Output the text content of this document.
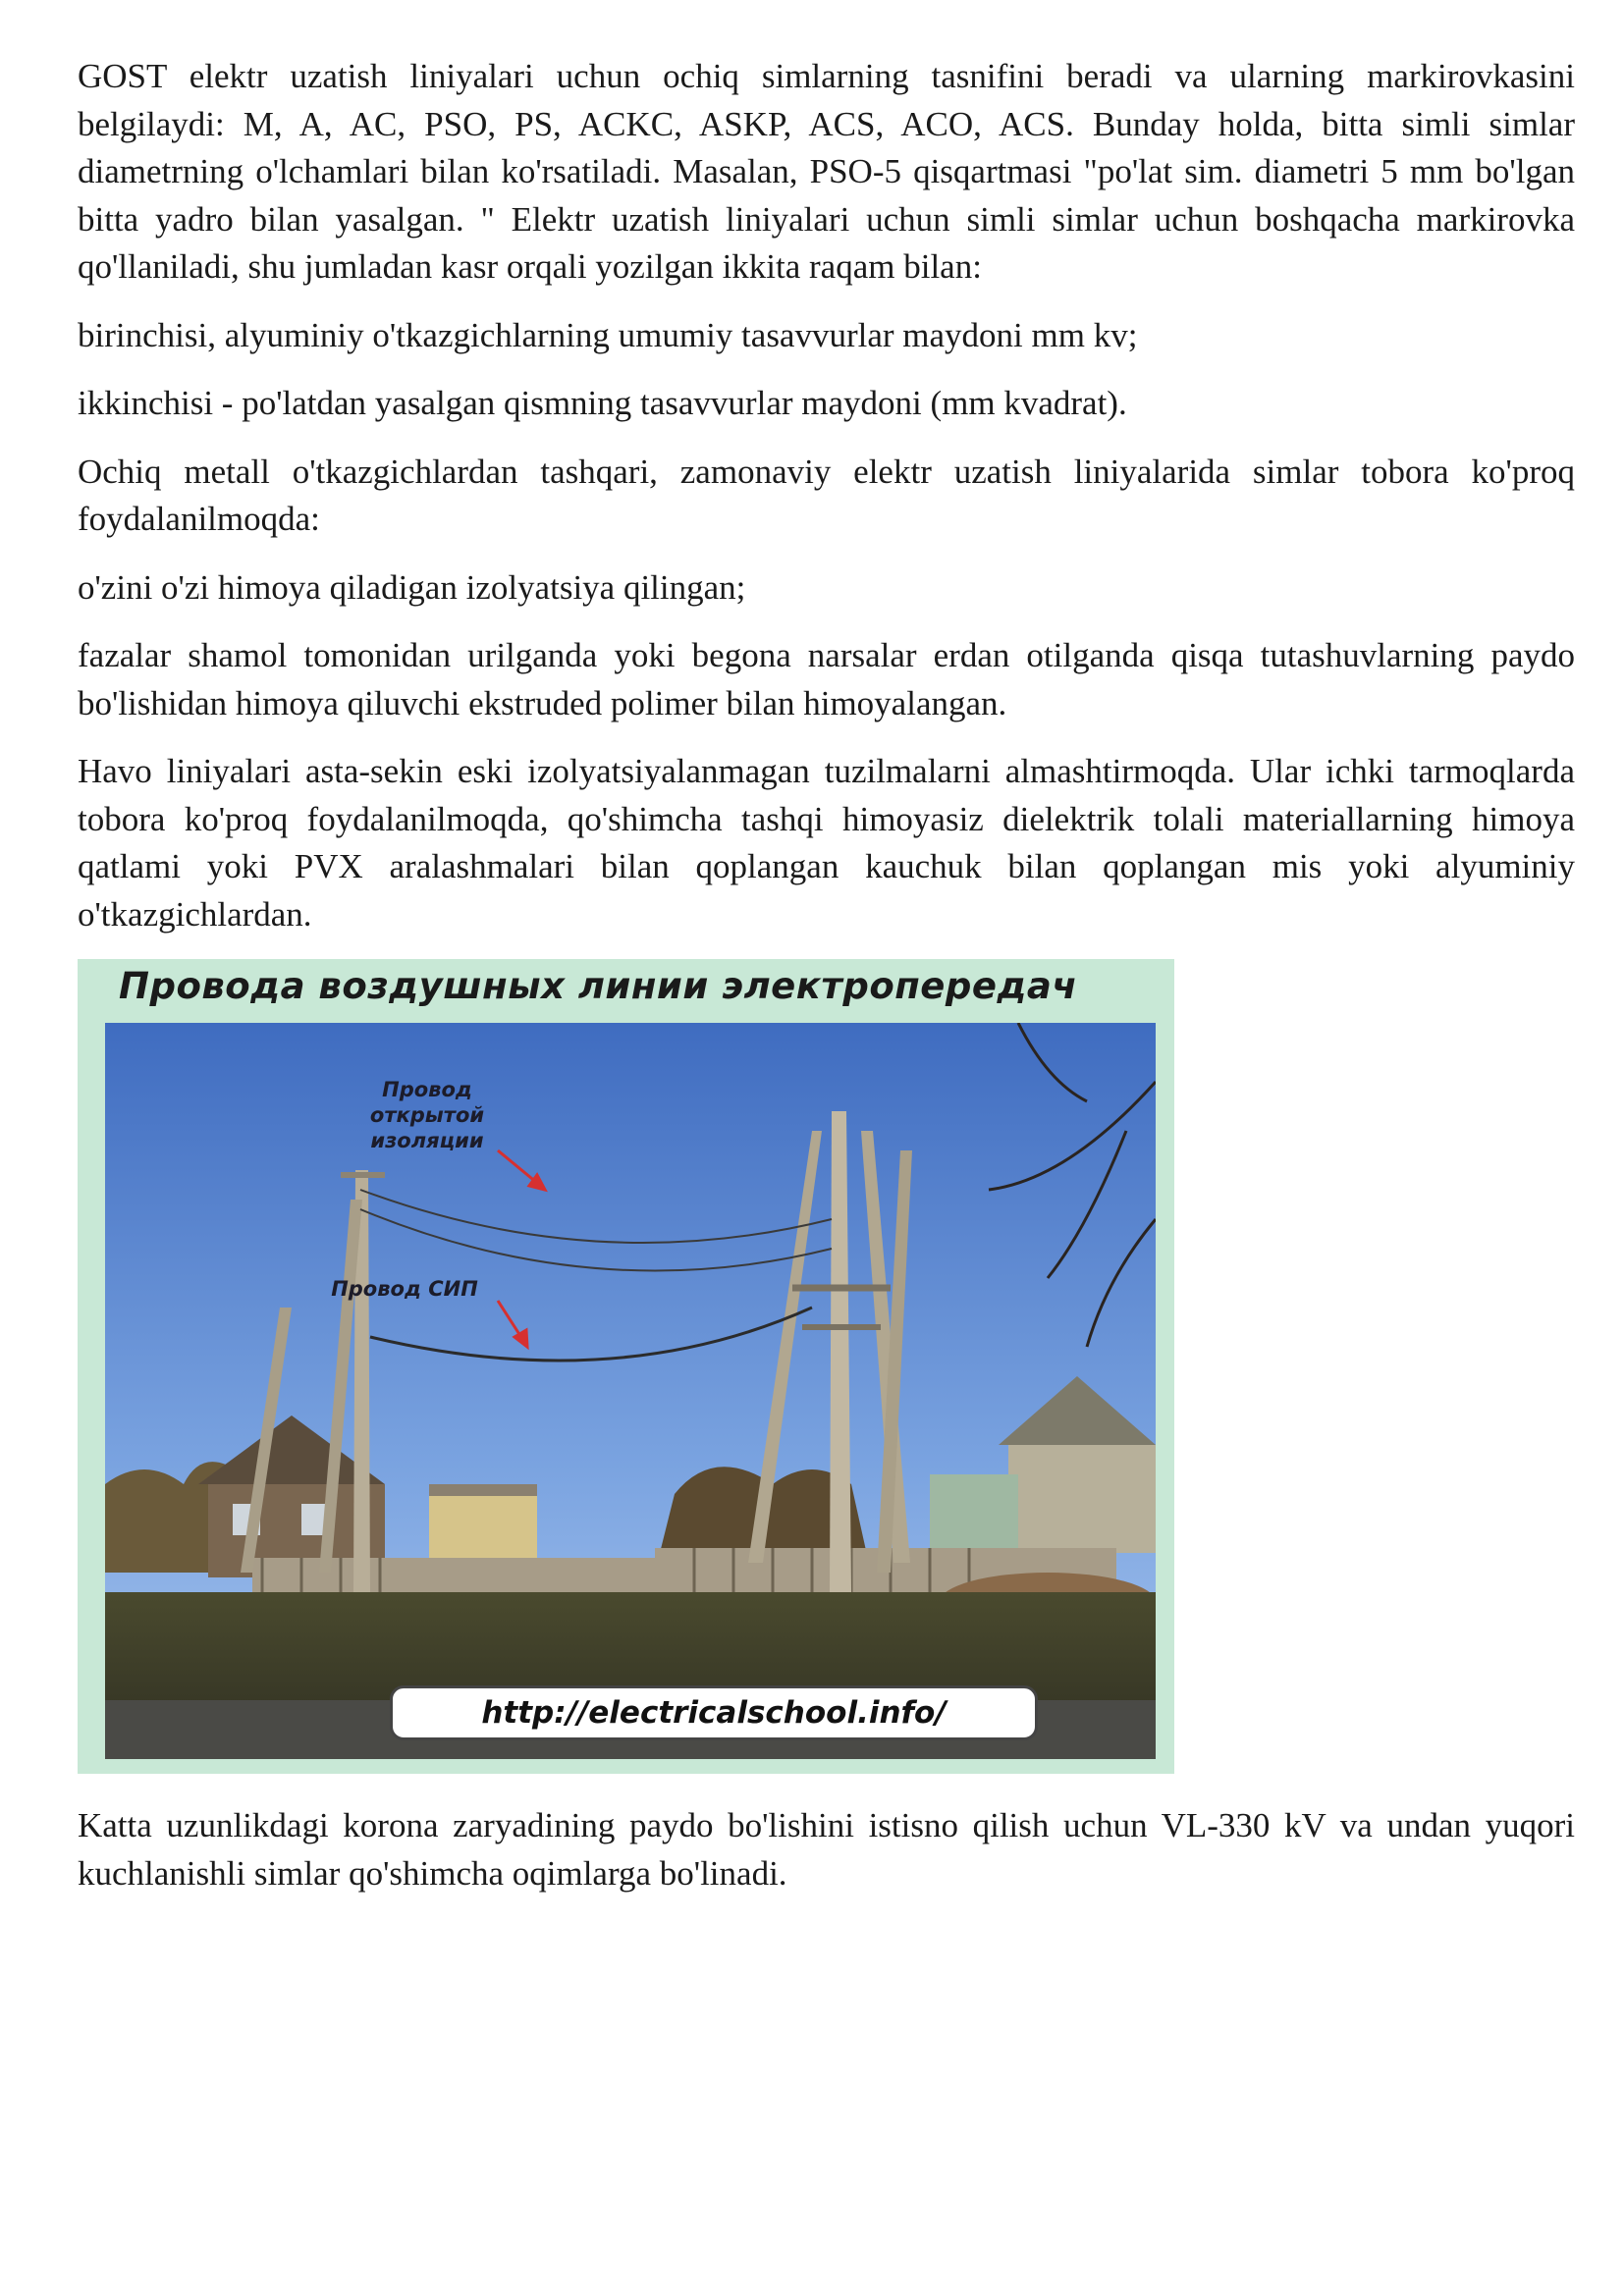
GOST elektr uzatish liniyalari uchun ochiq simlarning tasnifini beradi va ularning markirovkasini belgilaydi: M, A, AC, PSO, PS, ACKC, ASKP, ACS, ACO, ACS. Bunday holda, bitta simli simlar diametrning o'lchamlari bilan ko'rsatiladi. Masalan, PSO-5 qisqartmasi "po'lat sim. diametri 5 mm bo'lgan bitta yadro bilan yasalgan. " Elektr uzatish liniyalari uchun simli simlar uchun boshqacha markirovka qo'llaniladi, shu jumladan kasr orqali yozilgan ikkita raqam bilan:

birinchisi, alyuminiy o'tkazgichlarning umumiy tasavvurlar maydoni mm kv;

ikkinchisi - po'latdan yasalgan qismning tasavvurlar maydoni (mm kvadrat).

Ochiq metall o'tkazgichlardan tashqari, zamonaviy elektr uzatish liniyalarida simlar tobora ko'proq foydalanilmoqda:

o'zini o'zi himoya qiladigan izolyatsiya qilingan;

fazalar shamol tomonidan urilganda yoki begona narsalar erdan otilganda qisqa tutashuvlarning paydo bo'lishidan himoya qiluvchi ekstruded polimer bilan himoyalangan.

Havo liniyalari asta-sekin eski izolyatsiyalanmagan tuzilmalarni almashtirmoqda. Ular ichki tarmoqlarda tobora ko'proq foydalanilmoqda, qo'shimcha tashqi himoyasiz dielektrik tolali materiallarning himoya qatlami yoki PVX aralashmalari bilan qoplangan kauchuk bilan qoplangan mis yoki alyuminiy o'tkazgichlardan.

Провода воздушных линии электропередач
Провод открытой изоляции
Провод СИП
http://electricalschool.info/

Katta uzunlikdagi korona zaryadining paydo bo'lishini istisno qilish uchun VL-330 kV va undan yuqori kuchlanishli simlar qo'shimcha oqimlarga bo'linadi.
